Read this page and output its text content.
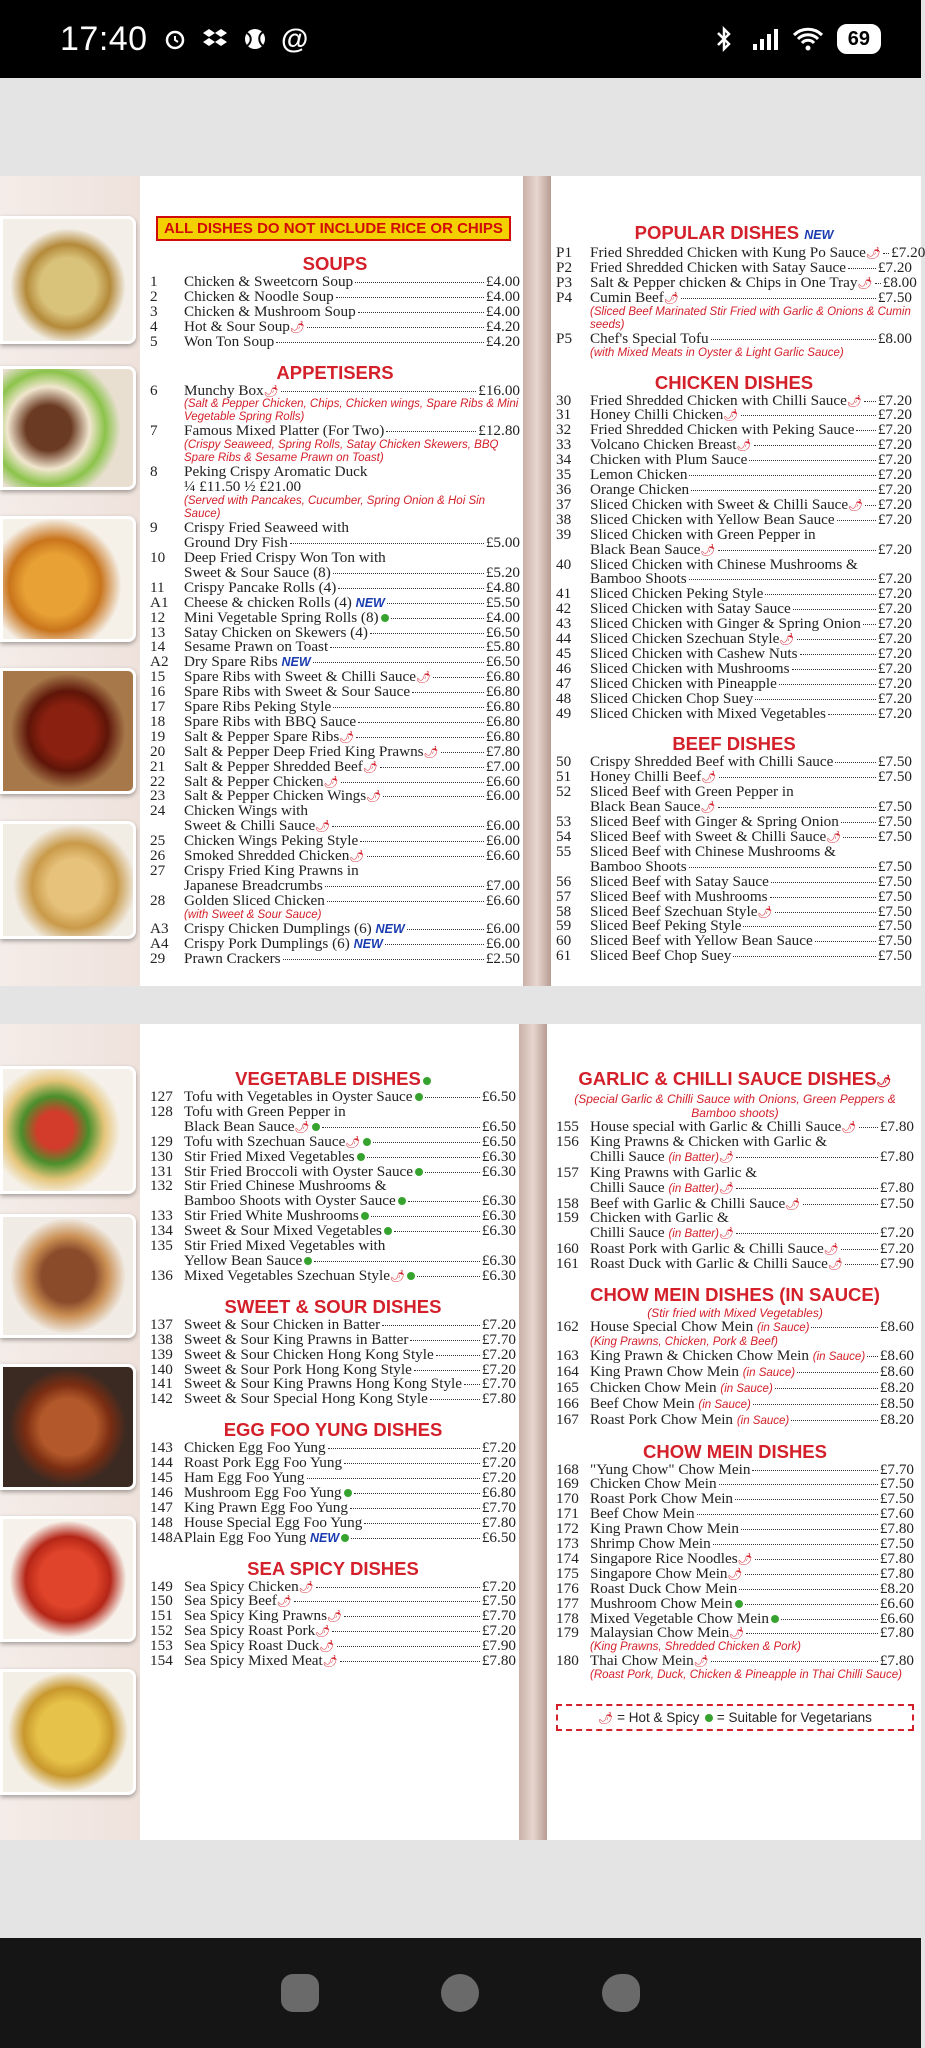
17:40	@	69
ALL DISHES DO NOT INCLUDE RICE OR CHIPS
SOUPS
1	Chicken & Sweetcorn Soup	£4.00
2	Chicken & Noodle Soup	£4.00
3	Chicken & Mushroom Soup	£4.00
4	Hot & Sour Soup🌶	£4.20
5	Won Ton Soup	£4.20
APPETISERS
6	Munchy Box🌶	£16.00
(Salt & Pepper Chicken, Chips, Chicken wings, Spare Ribs & Mini Vegetable Spring Rolls)
7	Famous Mixed Platter (For Two)	£12.80
(Crispy Seaweed, Spring Rolls, Satay Chicken Skewers, BBQ Spare Ribs & Sesame Prawn on Toast)
8	Peking Crispy Aromatic Duck
¼ £11.50 ½ £21.00
(Served with Pancakes, Cucumber, Spring Onion & Hoi Sin Sauce)
9	Crispy Fried Seaweed with
Ground Dry Fish	£5.00
10	Deep Fried Crispy Won Ton with
Sweet & Sour Sauce (8)	£5.20
11	Crispy Pancake Rolls (4)	£4.80
A1	Cheese & chicken Rolls (4) NEW	£5.50
12	Mini Vegetable Spring Rolls (8)	£4.00
13	Satay Chicken on Skewers (4)	£6.50
14	Sesame Prawn on Toast	£5.80
A2	Dry Spare Ribs NEW	£6.50
15	Spare Ribs with Sweet & Chilli Sauce🌶	£6.80
16	Spare Ribs with Sweet & Sour Sauce	£6.80
17	Spare Ribs Peking Style	£6.80
18	Spare Ribs with BBQ Sauce	£6.80
19	Salt & Pepper Spare Ribs🌶	£6.80
20	Salt & Pepper Deep Fried King Prawns🌶	£7.80
21	Salt & Pepper Shredded Beef🌶	£7.00
22	Salt & Pepper Chicken🌶	£6.60
23	Salt & Pepper Chicken Wings🌶	£6.00
24	Chicken Wings with
Sweet & Chilli Sauce🌶	£6.00
25	Chicken Wings Peking Style	£6.00
26	Smoked Shredded Chicken🌶	£6.60
27	Crispy Fried King Prawns in
Japanese Breadcrumbs	£7.00
28	Golden Sliced Chicken	£6.60
(with Sweet & Sour Sauce)
A3	Crispy Chicken Dumplings (6) NEW	£6.00
A4	Crispy Pork Dumplings (6) NEW	£6.00
29	Prawn Crackers	£2.50
POPULAR DISHES NEW
P1	Fried Shredded Chicken with Kung Po Sauce🌶 £7.20
P2	Fried Shredded Chicken with Satay Sauce £7.20
P3	Salt & Pepper chicken & Chips in One Tray🌶 £8.00
P4	Cumin Beef🌶	£7.50
(Sliced Beef Marinated Stir Fried with Garlic & Onions & Cumin seeds)
P5	Chef's Special Tofu	£8.00
(with Mixed Meats in Oyster & Light Garlic Sauce)
CHICKEN DISHES
30	Fried Shredded Chicken with Chilli Sauce🌶 £7.20
31	Honey Chilli Chicken🌶	£7.20
32	Fried Shredded Chicken with Peking Sauce £7.20
33	Volcano Chicken Breast🌶	£7.20
34	Chicken with Plum Sauce	£7.20
35	Lemon Chicken	£7.20
36	Orange Chicken	£7.20
37	Sliced Chicken with Sweet & Chilli Sauce🌶 £7.20
38	Sliced Chicken with Yellow Bean Sauce	£7.20
39	Sliced Chicken with Green Pepper in
Black Bean Sauce🌶	£7.20
40	Sliced Chicken with Chinese Mushrooms &
Bamboo Shoots	£7.20
41	Sliced Chicken Peking Style	£7.20
42	Sliced Chicken with Satay Sauce	£7.20
43	Sliced Chicken with Ginger & Spring Onion £7.20
44	Sliced Chicken Szechuan Style🌶	£7.20
45	Sliced Chicken with Cashew Nuts	£7.20
46	Sliced Chicken with Mushrooms	£7.20
47	Sliced Chicken with Pineapple	£7.20
48	Sliced Chicken Chop Suey	£7.20
49	Sliced Chicken with Mixed Vegetables	£7.20
BEEF DISHES
50	Crispy Shredded Beef with Chilli Sauce	£7.50
51	Honey Chilli Beef🌶	£7.50
52	Sliced Beef with Green Pepper in
Black Bean Sauce🌶	£7.50
53	Sliced Beef with Ginger & Spring Onion	£7.50
54	Sliced Beef with Sweet & Chilli Sauce🌶 £7.50
55	Sliced Beef with Chinese Mushrooms &
Bamboo Shoots	£7.50
56	Sliced Beef with Satay Sauce	£7.50
57	Sliced Beef with Mushrooms	£7.50
58	Sliced Beef Szechuan Style🌶	£7.50
59	Sliced Beef Peking Style	£7.50
60	Sliced Beef with Yellow Bean Sauce	£7.50
61	Sliced Beef Chop Suey	£7.50
VEGETABLE DISHES
127 Tofu with Vegetables in Oyster Sauce	£6.50
128 Tofu with Green Pepper in
Black Bean Sauce🌶	£6.50
129 Tofu with Szechuan Sauce🌶	£6.50
130 Stir Fried Mixed Vegetables	£6.30
131 Stir Fried Broccoli with Oyster Sauce	£6.30
132 Stir Fried Chinese Mushrooms &
Bamboo Shoots with Oyster Sauce	£6.30
133 Stir Fried White Mushrooms	£6.30
134 Sweet & Sour Mixed Vegetables	£6.30
135 Stir Fried Mixed Vegetables with
Yellow Bean Sauce	£6.30
136 Mixed Vegetables Szechuan Style🌶	£6.30
SWEET & SOUR DISHES
137 Sweet & Sour Chicken in Batter	£7.20
138 Sweet & Sour King Prawns in Batter	£7.70
139 Sweet & Sour Chicken Hong Kong Style	£7.20
140 Sweet & Sour Pork Hong Kong Style	£7.20
141 Sweet & Sour King Prawns Hong Kong Style £7.70
142 Sweet & Sour Special Hong Kong Style	£7.80
EGG FOO YUNG DISHES
143 Chicken Egg Foo Yung	£7.20
144 Roast Pork Egg Foo Yung	£7.20
145 Ham Egg Foo Yung	£7.20
146 Mushroom Egg Foo Yung	£6.80
147 King Prawn Egg Foo Yung	£7.70
148 House Special Egg Foo Yung	£7.80
148A Plain Egg Foo Yung NEW	£6.50
SEA SPICY DISHES
149 Sea Spicy Chicken🌶	£7.20
150 Sea Spicy Beef🌶	£7.50
151 Sea Spicy King Prawns🌶	£7.70
152 Sea Spicy Roast Pork🌶	£7.20
153 Sea Spicy Roast Duck🌶	£7.90
154 Sea Spicy Mixed Meat🌶	£7.80
GARLIC & CHILLI SAUCE DISHES🌶
(Special Garlic & Chilli Sauce with Onions, Green Peppers & Bamboo shoots)
155 House special with Garlic & Chilli Sauce🌶 £7.80
156 King Prawns & Chicken with Garlic &
Chilli Sauce (in Batter)🌶	£7.80
157 King Prawns with Garlic &
Chilli Sauce (in Batter)🌶	£7.80
158 Beef with Garlic & Chilli Sauce🌶	£7.50
159 Chicken with Garlic &
Chilli Sauce (in Batter)🌶	£7.20
160 Roast Pork with Garlic & Chilli Sauce🌶	£7.20
161 Roast Duck with Garlic & Chilli Sauce🌶 £7.90
CHOW MEIN DISHES (IN SAUCE)
(Stir fried with Mixed Vegetables)
162 House Special Chow Mein (in Sauce)	£8.60
(King Prawns, Chicken, Pork & Beef)
163 King Prawn & Chicken Chow Mein (in Sauce) £8.60
164 King Prawn Chow Mein (in Sauce)	£8.60
165 Chicken Chow Mein (in Sauce)	£8.20
166 Beef Chow Mein (in Sauce)	£8.50
167 Roast Pork Chow Mein (in Sauce)	£8.20
CHOW MEIN DISHES
168 "Yung Chow" Chow Mein	£7.70
169 Chicken Chow Mein	£7.50
170 Roast Pork Chow Mein	£7.50
171 Beef Chow Mein	£7.60
172 King Prawn Chow Mein	£7.80
173 Shrimp Chow Mein	£7.50
174 Singapore Rice Noodles🌶	£7.80
175 Singapore Chow Mein🌶	£7.80
176 Roast Duck Chow Mein	£8.20
177 Mushroom Chow Mein	£6.60
178 Mixed Vegetable Chow Mein	£6.60
179 Malaysian Chow Mein🌶	£7.80
(King Prawns, Shredded Chicken & Pork)
180 Thai Chow Mein🌶	£7.80
(Roast Pork, Duck, Chicken & Pineapple in Thai Chilli Sauce)
🌶 = Hot & Spicy = Suitable for Vegetarians
